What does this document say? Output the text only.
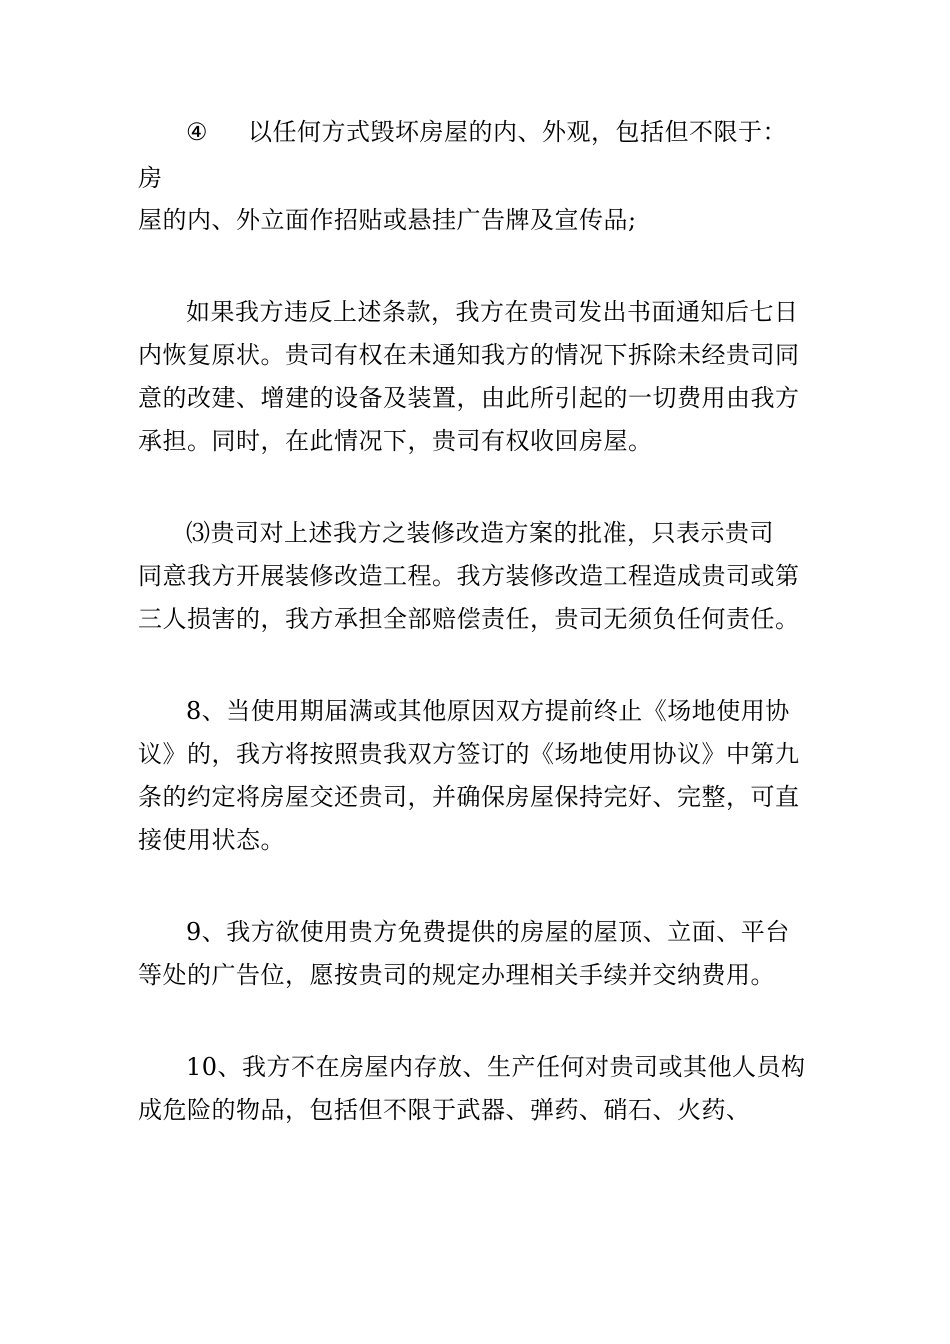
④ 以任何方式毁坏房屋的内、外观，包括但不限于：

房

屋的内、外立面作招贴或悬挂广告牌及宣传品;

如果我方违反上述条款，我方在贵司发出书面通知后七日

内恢复原状。贵司有权在未通知我方的情况下拆除未经贵司同

意的改建、增建的设备及装置，由此所引起的一切费用由我方

承担。同时，在此情况下，贵司有权收回房屋。

⑶贵司对上述我方之装修改造方案的批准，只表示贵司

同意我方开展装修改造工程。我方装修改造工程造成贵司或第

三人损害的，我方承担全部赔偿责任，贵司无须负任何责任。

8、当使用期届满或其他原因双方提前终止《场地使用协

议》的，我方将按照贵我双方签订的《场地使用协议》中第九

条的约定将房屋交还贵司，并确保房屋保持完好、完整，可直

接使用状态。

9、我方欲使用贵方免费提供的房屋的屋顶、立面、平台

等处的广告位，愿按贵司的规定办理相关手续并交纳费用。

10、我方不在房屋内存放、生产任何对贵司或其他人员构

成危险的物品，包括但不限于武器、弹药、硝石、火药、
